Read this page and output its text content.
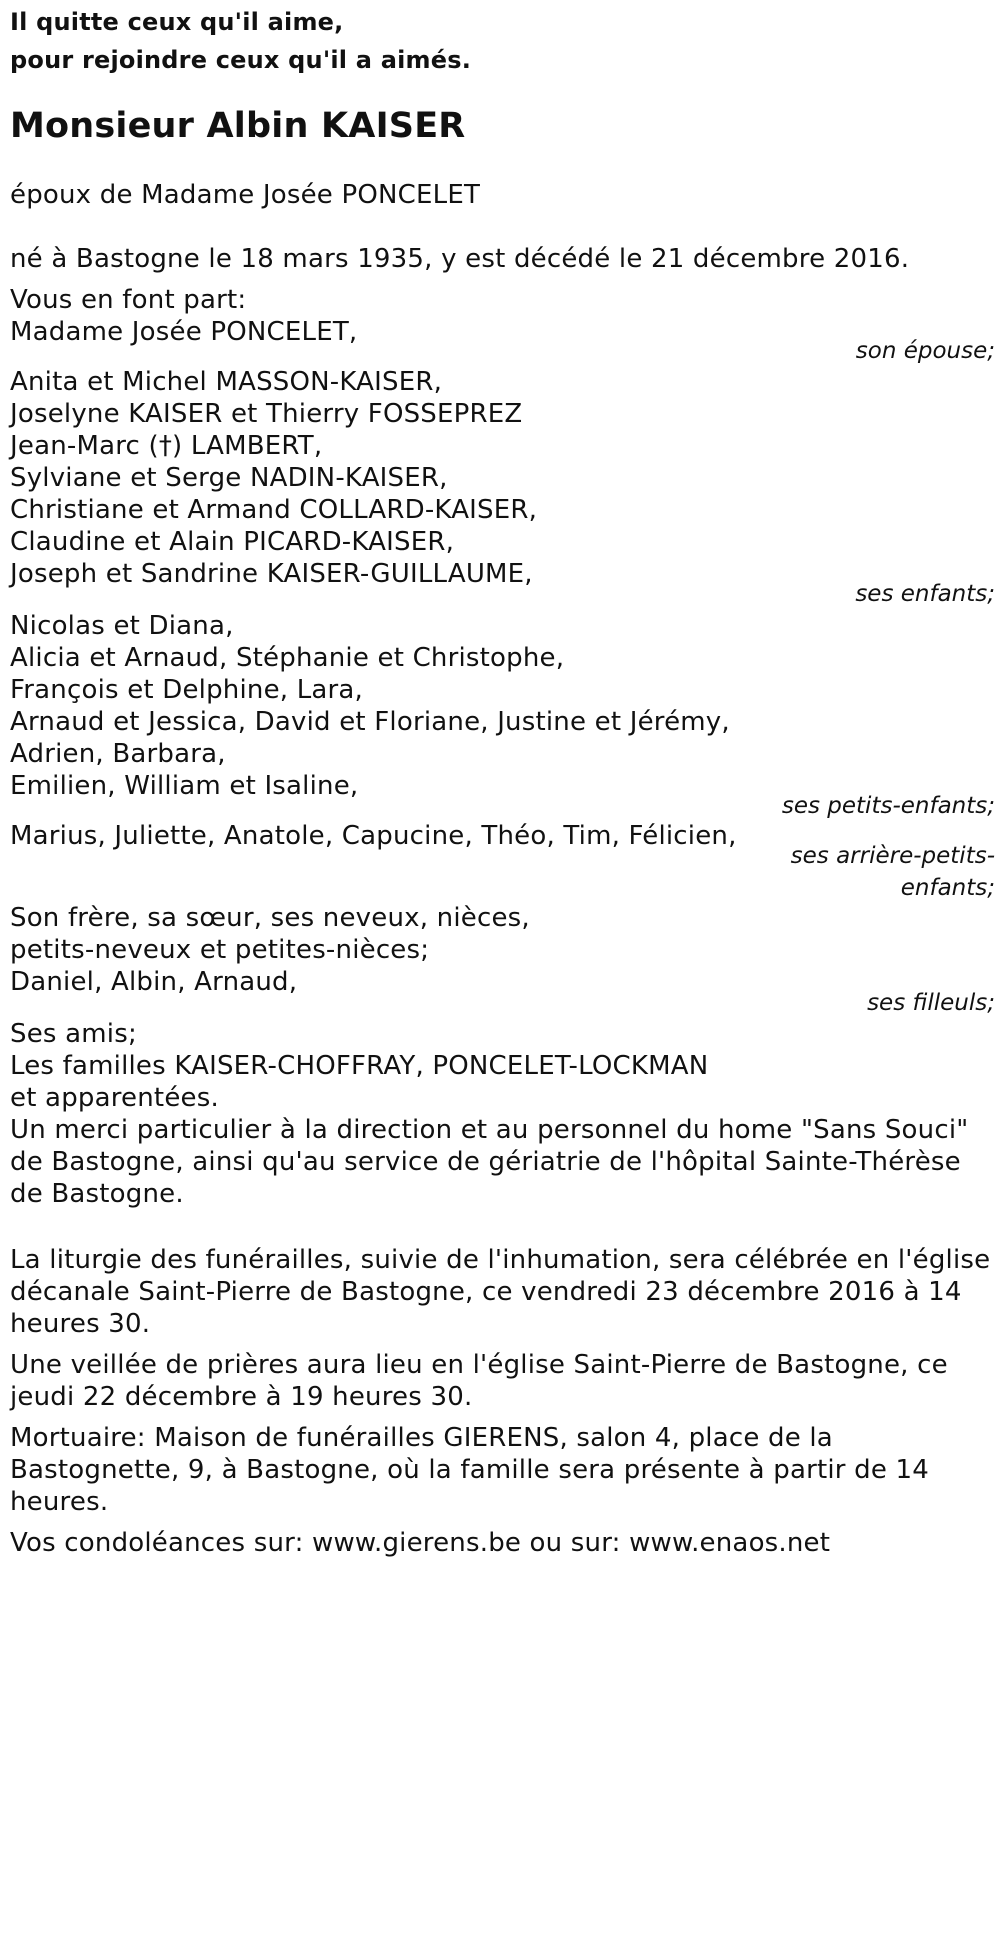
Il quitte ceux qu'il aime,
pour rejoindre ceux qu'il a aimés.
Monsieur Albin KAISER
époux de Madame Josée PONCELET
né à Bastogne le 18 mars 1935, y est décédé le 21 décembre 2016.
Vous en font part:
Madame Josée PONCELET,
son épouse;
Anita et Michel MASSON-KAISER,
Joselyne KAISER et Thierry FOSSEPREZ
Jean-Marc (†) LAMBERT,
Sylviane et Serge NADIN-KAISER,
Christiane et Armand COLLARD-KAISER,
Claudine et Alain PICARD-KAISER,
Joseph et Sandrine KAISER-GUILLAUME,
ses enfants;
Nicolas et Diana,
Alicia et Arnaud, Stéphanie et Christophe,
François et Delphine, Lara,
Arnaud et Jessica, David et Floriane, Justine et Jérémy,
Adrien, Barbara,
Emilien, William et Isaline,
ses petits-enfants;
Marius, Juliette, Anatole, Capucine, Théo, Tim, Félicien,
ses arrière-petits-
enfants;
Son frère, sa sœur, ses neveux, nièces,
petits-neveux et petites-nièces;
Daniel, Albin, Arnaud,
ses filleuls;
Ses amis;
Les familles KAISER-CHOFFRAY, PONCELET-LOCKMAN
et apparentées.
Un merci particulier à la direction et au personnel du home "Sans Souci"
de Bastogne, ainsi qu'au service de gériatrie de l'hôpital Sainte-Thérèse
de Bastogne.
La liturgie des funérailles, suivie de l'inhumation, sera célébrée en l'église
décanale Saint-Pierre de Bastogne, ce vendredi 23 décembre 2016 à 14
heures 30.
Une veillée de prières aura lieu en l'église Saint-Pierre de Bastogne, ce
jeudi 22 décembre à 19 heures 30.
Mortuaire: Maison de funérailles GIERENS, salon 4, place de la
Bastognette, 9, à Bastogne, où la famille sera présente à partir de 14
heures.
Vos condoléances sur: www.gierens.be ou sur: www.enaos.net
